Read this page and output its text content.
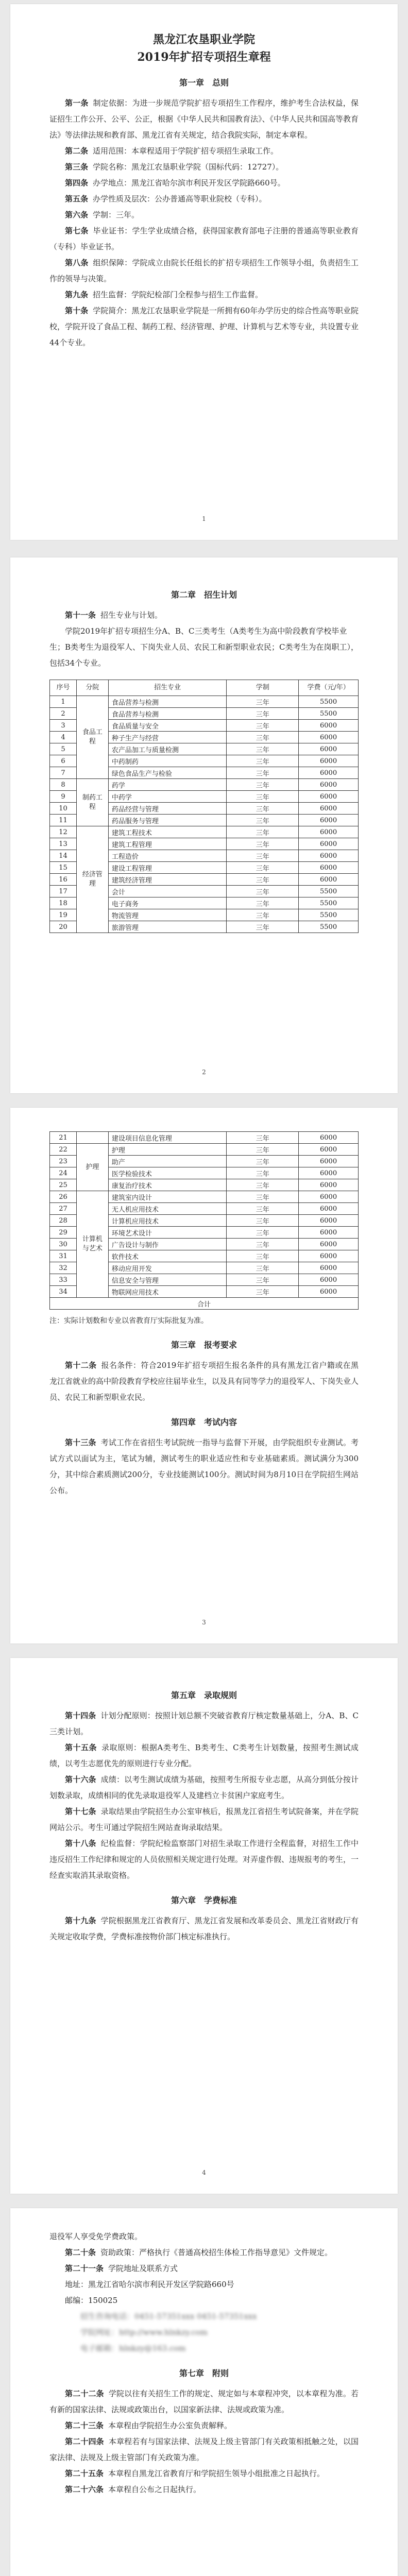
黑龙江农垦职业学院

2019年扩招专项招生章程

第一章　总则

第一条 制定依据：为进一步规范学院扩招专项招生工作程序，维护考生合法权益，保证招生工作公开、公平、公正，根据《中华人民共和国教育法》、《中华人民共和国高等教育法》等法律法规和教育部、黑龙江省有关规定，结合我院实际，制定本章程。

第二条 适用范围：本章程适用于学院扩招专项招生录取工作。

第三条 学院名称：黑龙江农垦职业学院（国标代码：12727）。

第四条 办学地点：黑龙江省哈尔滨市利民开发区学院路660号。

第五条 办学性质及层次：公办普通高等职业院校（专科）。

第六条 学制：三年。

第七条 毕业证书：学生学业成绩合格，获得国家教育部电子注册的普通高等职业教育（专科）毕业证书。

第八条 组织保障：学院成立由院长任组长的扩招专项招生工作领导小组，负责招生工作的领导与决策。

第九条 招生监督：学院纪检部门全程参与招生工作监督。

第十条 学院简介：黑龙江农垦职业学院是一所拥有60年办学历史的综合性高等职业院校，学院开设了食品工程、制药工程、经济管理、护理、计算机与艺术等专业，共设置专业44个专业。

1

第二章　招生计划

第十一条 招生专业与计划。

学院2019年扩招专项招生分A、B、C三类考生（A类考生为高中阶段教育学校毕业生；B类考生为退役军人、下岗失业人员、农民工和新型职业农民；C类考生为在岗职工），包括34个专业。

序号	分院	招生专业	学制	学费（元/年）
1	食品工程	食品营养与检测	三年	5500
2		食品营养与检测	三年	5500
3		食品质量与安全	三年	6000
4		种子生产与经营	三年	6000
5		农产品加工与质量检测	三年	6000
6		中药制药	三年	6000
7		绿色食品生产与检验	三年	6000
8	制药工程	药学	三年	6000
9		中药学	三年	6000
10		药品经营与管理	三年	6000
11		药品服务与管理	三年	6000
12	经济管理	建筑工程技术	三年	6000
13		建筑工程管理	三年	6000
14		工程造价	三年	6000
15		建设工程管理	三年	6000
16		建筑经济管理	三年	6000
17		会计	三年	5500
18		电子商务	三年	5500
19		物流管理	三年	5500
20		旅游管理	三年	5500
2
21		建设项目信息化管理	三年	6000
22	护理	护理	三年	6000
23		助产	三年	6000
24		医学检验技术	三年	6000
25		康复治疗技术	三年	6000
26	计算机与艺术	建筑室内设计	三年	6000
27		无人机应用技术	三年	6000
28		计算机应用技术	三年	6000
29		环境艺术设计	三年	6000
30		广告设计与制作	三年	6000
31		软件技术	三年	6000
32		移动应用开发	三年	6000
33		信息安全与管理	三年	6000
34		物联网应用技术	三年	6000
合计				

注：实际计划数和专业以省教育厅实际批复为准。

第三章　报考要求

第十二条 报名条件：符合2019年扩招专项招生报名条件的具有黑龙江省户籍或在黑龙江省就业的高中阶段教育学校应往届毕业生，以及具有同等学力的退役军人、下岗失业人员、农民工和新型职业农民。

第四章　考试内容

第十三条 考试工作在省招生考试院统一指导与监督下开展，由学院组织专业测试。考试方式以面试为主，笔试为辅，测试考生的职业适应性和专业基础素质。测试满分为300分，其中综合素质测试200分，专业技能测试100分。测试时间为8月10日在学院招生网站公布。

3

第五章　录取规则

第十四条 计划分配原则：按照计划总额不突破省教育厅核定数量基础上，分A、B、C三类计划。

第十五条 录取原则：根据A类考生、B类考生、C类考生计划数量，按照考生测试成绩，以考生志愿优先的原则进行专业分配。

第十六条 成绩：以考生测试成绩为基础，按照考生所报专业志愿，从高分到低分按计划数录取，成绩相同的优先录取退役军人及建档立卡贫困户家庭考生。

第十七条 录取结果由学院招生办公室审核后，报黑龙江省招生考试院备案，并在学院网站公示。考生可通过学院招生网站查询录取结果。

第十八条 纪检监督：学院纪检监察部门对招生录取工作进行全程监督，对招生工作中违反招生工作纪律和规定的人员依照相关规定进行处理。对弄虚作假、违规报考的考生，一经查实取消其录取资格。

第六章　学费标准

第十九条 学院根据黑龙江省教育厅、黑龙江省发展和改革委员会、黑龙江省财政厅有关规定收取学费，学费标准按物价部门核定标准执行。

4

退役军人享受免学费政策。

第二十条 资助政策：严格执行《普通高校招生体检工作指导意见》文件规定。

第二十一条 学院地址及联系方式

地址：黑龙江省哈尔滨市利民开发区学院路660号

邮编：150025

招生咨询电话：0451-57351xxx 0451-57351xxx

学院网址：http://www.hlnkzy.com

电子邮箱：hlnkzy@163.com

第七章　附则

第二十二条 学院以往有关招生工作的规定、规定如与本章程冲突，以本章程为准。若有新的国家法律、法规或政策出台，以国家新法律、法规或政策为准。

第二十三条 本章程由学院招生办公室负责解释。

第二十四条 本章程若有与国家法律、法规及上级主管部门有关政策相抵触之处，以国家法律、法规及上级主管部门有关政策为准。

第二十五条 本章程自黑龙江省教育厅和学院招生领导小组批准之日起执行。

第二十六条 本章程自公布之日起执行。
